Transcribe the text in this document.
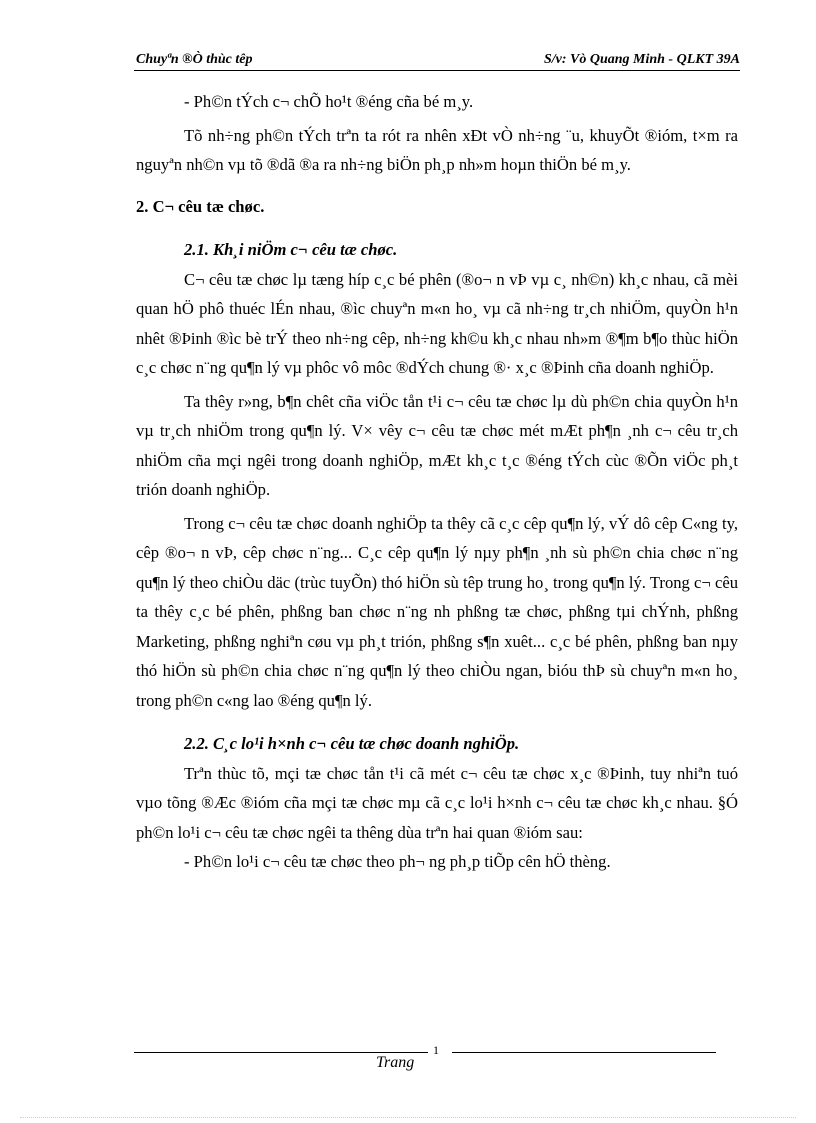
Chuyªn ®Ò thùc têp	S/v: Vò Quang Minh - QLKT 39A

- Ph©n tÝch c¬ chÕ ho¹t ®éng cña bé m¸y.

Tõ nh÷ng ph©n tÝch trªn ta rót ra nhên xÐt vÒ nh÷ng ¨u, khuyÕt ®ióm, t×m ra nguyªn nh©n vµ tõ ®dã ®a ra nh÷ng biÖn ph¸p nh»m hoµn thiÖn bé m¸y.

2. C¬ cêu tæ chøc.
2.1. Kh¸i niÖm c¬ cêu tæ chøc.

C¬ cêu tæ chøc lµ tæng híp c¸c bé phên (®o¬ n vÞ vµ c¸ nh©n) kh¸c nhau, cã mèi quan hÖ phô thuéc lÉn nhau, ®ìc chuyªn m«n ho¸ vµ cã nh÷ng tr¸ch nhiÖm, quyÒn h¹n nhêt ®Þinh ®ìc bè trÝ theo nh÷ng cêp, nh÷ng kh©u kh¸c nhau nh»m ®¶m b¶o thùc hiÖn c¸c chøc n¨ng qu¶n lý vµ phôc vô môc ®dÝch chung ®· x¸c ®Þinh cña doanh nghiÖp.

Ta thêy r»ng, b¶n chêt cña viÖc tån t¹i c¬ cêu tæ chøc lµ dù ph©n chia quyÒn h¹n vµ tr¸ch nhiÖm trong qu¶n lý. V× vêy c¬ cêu tæ chøc mét mÆt ph¶n ¸nh c¬ cêu tr¸ch nhiÖm cña mçi ngêi trong doanh nghiÖp, mÆt kh¸c t¸c ®éng tÝch cùc ®Õn viÖc ph¸t trión doanh nghiÖp.

Trong c¬ cêu tæ chøc doanh nghiÖp ta thêy cã c¸c cêp qu¶n lý, vÝ dô cêp C«ng ty, cêp ®o¬ n vÞ, cêp chøc n¨ng... C¸c cêp qu¶n lý nµy ph¶n ¸nh sù ph©n chia chøc n¨ng qu¶n lý theo chiÒu däc (trùc tuyÕn) thó hiÖn sù têp trung ho¸ trong qu¶n lý. Trong c¬ cêu ta thêy c¸c bé phên, phßng ban chøc n¨ng nh phßng tæ chøc, phßng tµi chÝnh, phßng Marketing, phßng nghiªn cøu vµ ph¸t trión, phßng s¶n xuêt... c¸c bé phên, phßng ban nµy thó hiÖn sù ph©n chia chøc n¨ng qu¶n lý theo chiÒu ngan, bióu thÞ sù chuyªn m«n ho¸ trong ph©n c«ng lao ®éng qu¶n lý.

2.2. C¸c lo¹i h×nh c¬ cêu tæ chøc doanh nghiÖp.

Trªn thùc tõ, mçi tæ chøc tån t¹i cã mét c¬ cêu tæ chøc x¸c ®Þinh, tuy nhiªn tuó vµo tõng ®Æc ®ióm cña mçi tæ chøc mµ cã c¸c lo¹i h×nh c¬ cêu tæ chøc kh¸c nhau. §Ó ph©n lo¹i c¬ cêu tæ chøc ngêi ta thêng dùa trªn hai quan ®ióm sau:

- Ph©n lo¹i c¬ cêu tæ chøc theo ph¬ ng ph¸p tiÕp cên hÖ thèng.

1
Trang
